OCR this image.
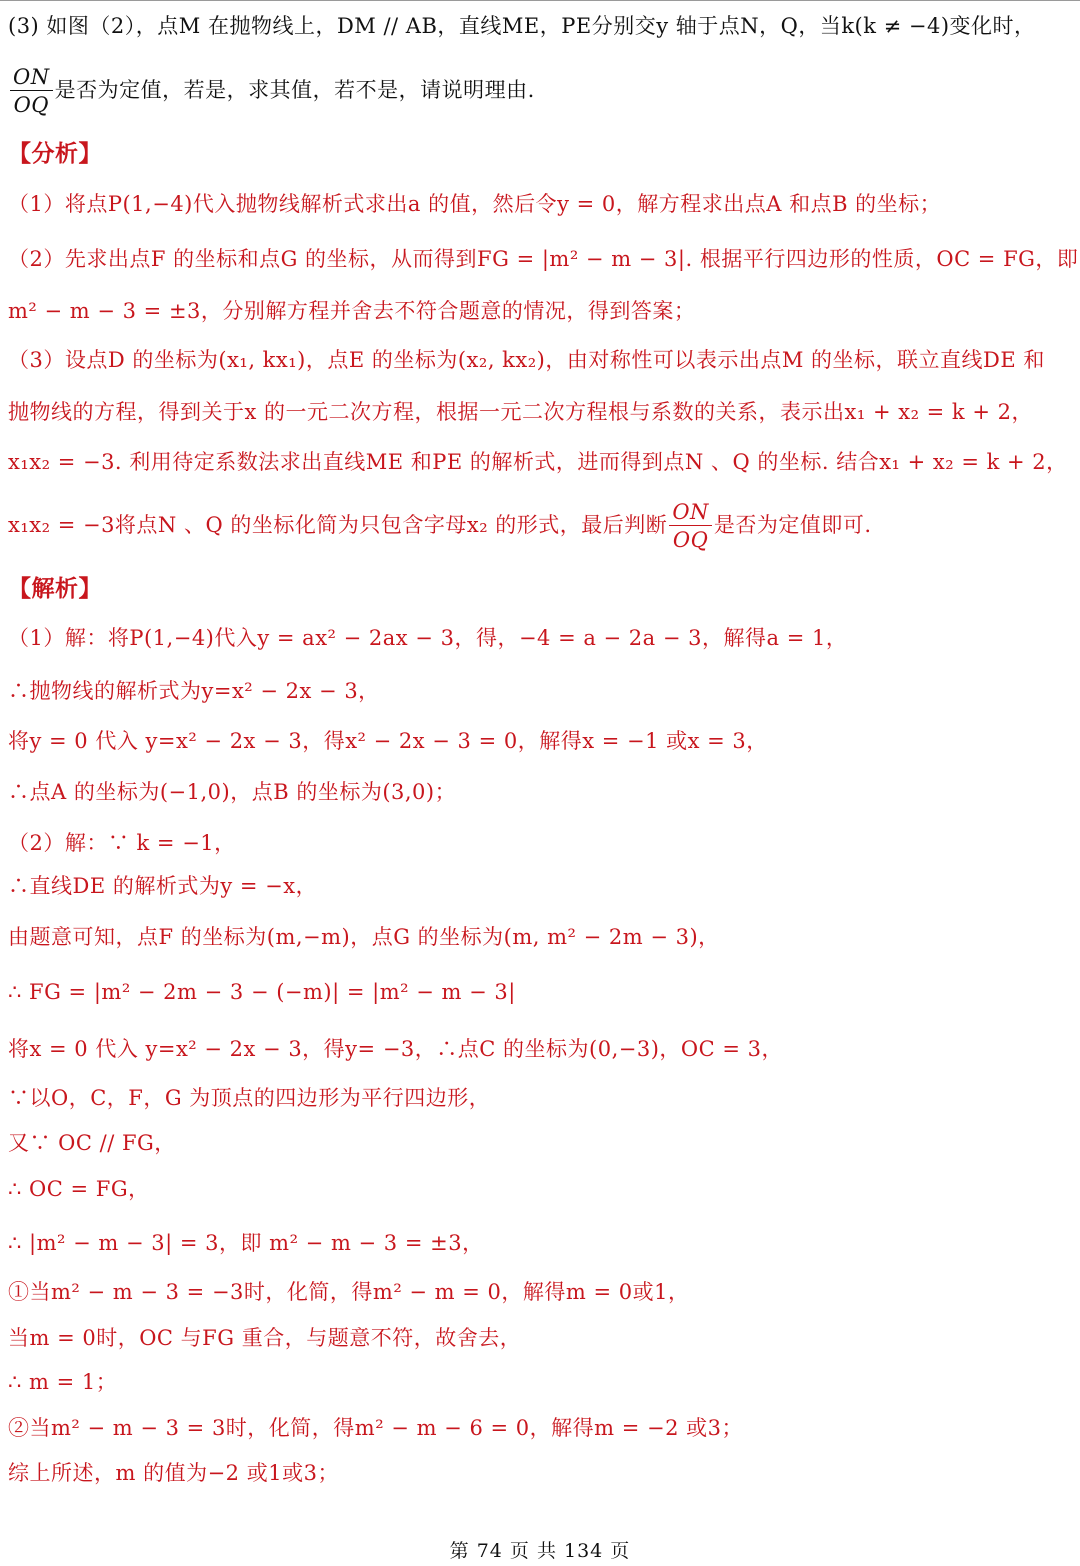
(3) 如图（2），点M 在抛物线上，DM // AB，直线ME，PE分别交y 轴于点N，Q，当k(k ≠ −4)变化时，
$\frac{ON}{OQ}$ 是否为定值，若是，求其值，若不是，请说明理由.
【分析】
（1）将点P(1,−4)代入抛物线解析式求出a 的值，然后令y = 0，解方程求出点A 和点B 的坐标；
（2）先求出点F 的坐标和点G 的坐标，从而得到FG = |m² − m − 3|. 根据平行四边形的性质，OC = FG，即
m² − m − 3 = ±3，分别解方程并舍去不符合题意的情况，得到答案；
（3）设点D 的坐标为(x₁, kx₁)，点E 的坐标为(x₂, kx₂)，由对称性可以表示出点M 的坐标，联立直线DE 和
抛物线的方程，得到关于x 的一元二次方程，根据一元二次方程根与系数的关系，表示出x₁ + x₂ = k + 2，
x₁x₂ = −3. 利用待定系数法求出直线ME 和PE 的解析式，进而得到点N 、Q 的坐标. 结合x₁ + x₂ = k + 2，
x₁x₂ = −3将点N 、Q 的坐标化简为只包含字母x₂ 的形式，最后判断 $\frac{ON}{OQ}$ 是否为定值即可.
【解析】
（1）解：将P(1,−4)代入y = ax² − 2ax − 3，得，−4 = a − 2a − 3，解得a = 1，
∴抛物线的解析式为y=x² − 2x − 3，
将y = 0 代入 y=x² − 2x − 3，得x² − 2x − 3 = 0，解得x = −1 或x = 3，
∴点A 的坐标为(−1,0)，点B 的坐标为(3,0)；
（2）解：∵ k = −1，
∴直线DE 的解析式为y = −x，
由题意可知，点F 的坐标为(m,−m)，点G 的坐标为(m, m² − 2m − 3)，
∴ FG = |m² − 2m − 3 − (−m)| = |m² − m − 3|
将x = 0 代入 y=x² − 2x − 3，得y= −3，∴点C 的坐标为(0,−3)，OC = 3，
∵以O，C，F，G 为顶点的四边形为平行四边形，
又∵ OC // FG，
∴ OC = FG，
∴ |m² − m − 3| = 3，即 m² − m − 3 = ±3，
①当m² − m − 3 = −3时，化简，得m² − m = 0，解得m = 0或1，
当m = 0时，OC 与FG 重合，与题意不符，故舍去，
∴ m = 1；
②当m² − m − 3 = 3时，化简，得m² − m − 6 = 0，解得m = −2 或3；
综上所述，m 的值为−2 或1或3；
第 74 页 共 134 页
